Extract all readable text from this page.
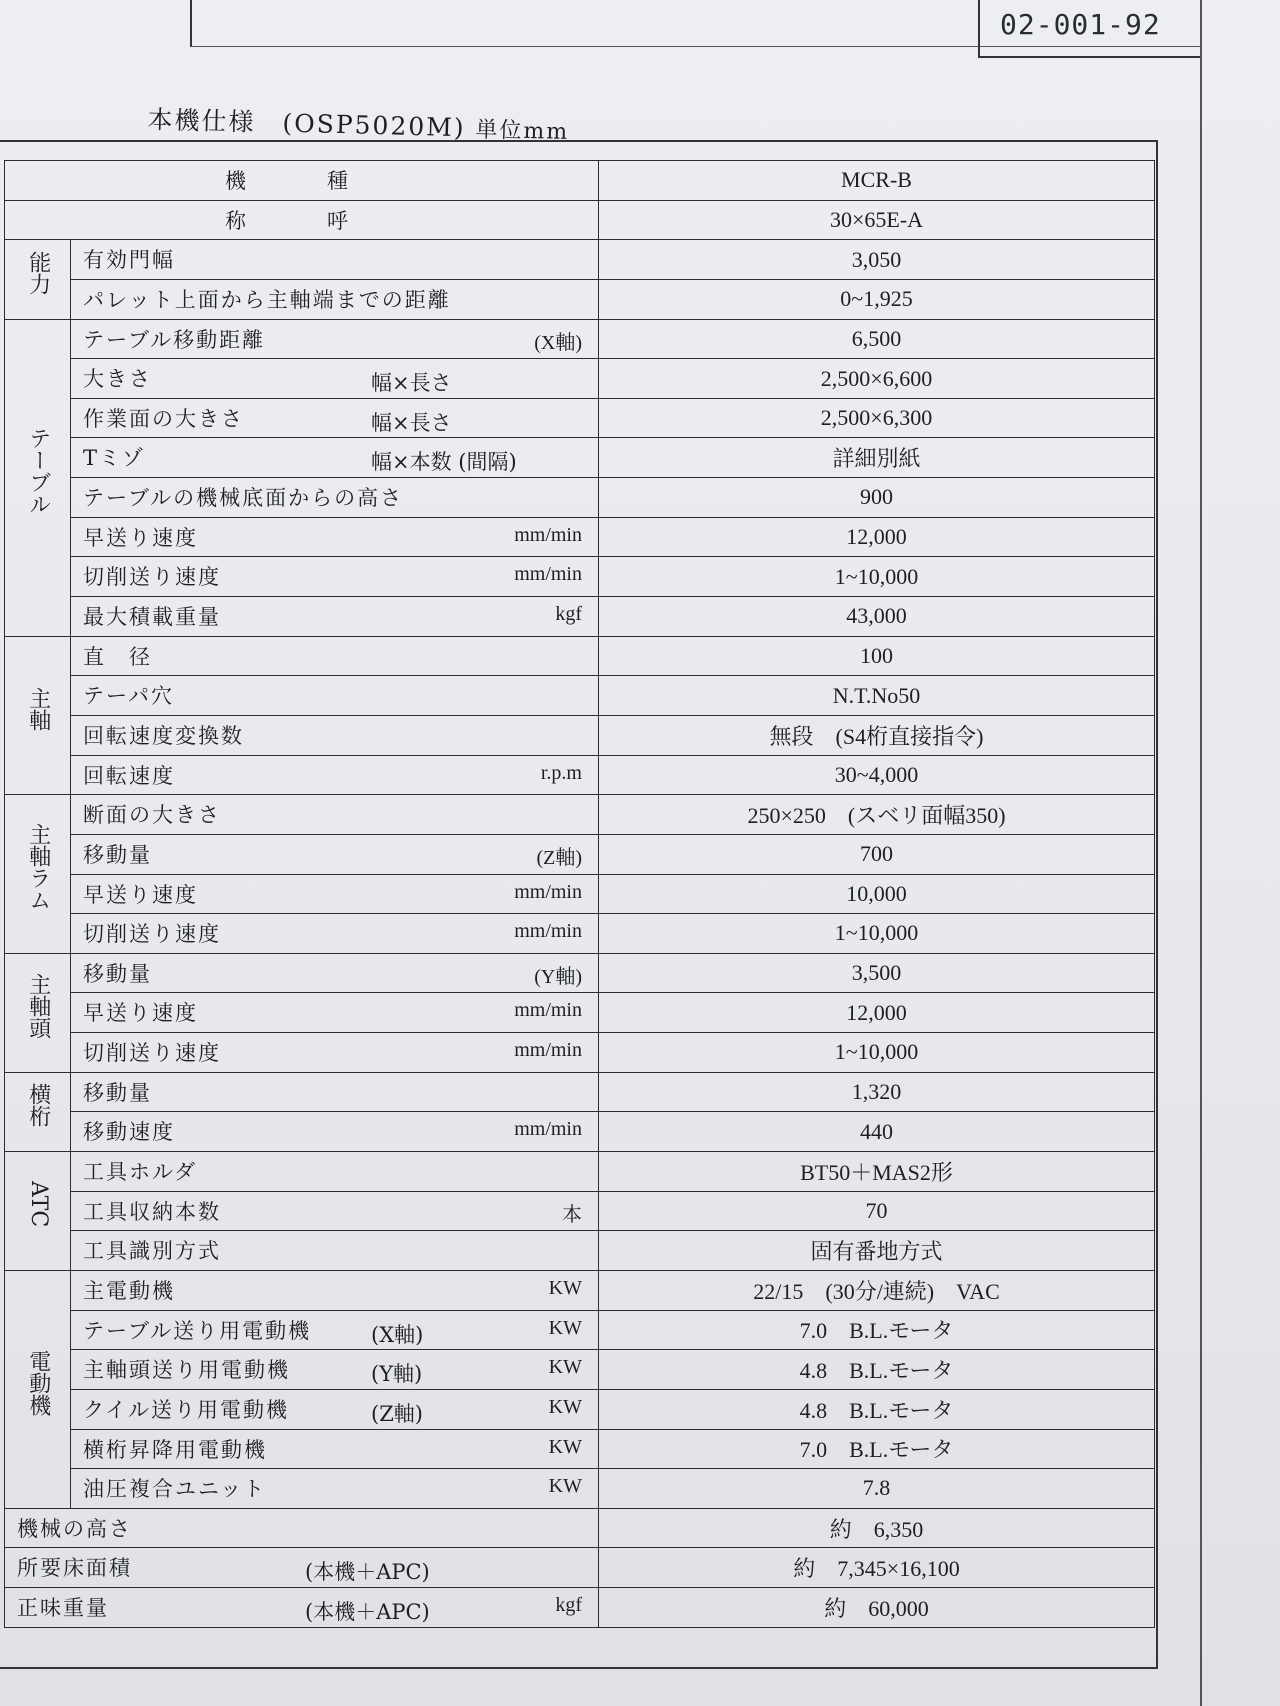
02-001-92
本機仕様　(OSP5020M) 単位mm
機　種		MCR-B
称　呼		30×65E-A
能力	有効門幅	3,050

	パレット上面から主軸端までの距離	0~1,925
テーブル	テーブル移動距離 (X軸)	6,500

	大きさ 幅×長さ	2,500×6,600

	作業面の大きさ 幅×長さ	2,500×6,300

	Tミゾ 幅×本数 (間隔)	詳細別紙

	テーブルの機械底面からの高さ	900

	早送り速度 mm/min	12,000

	切削送り速度 mm/min	1~10,000

	最大積載重量 kgf	43,000
主軸	直　径	100

	テーパ穴	N.T.No50

	回転速度変換数	無段　(S4桁直接指令)

	回転速度 r.p.m	30~4,000
主軸ラム	断面の大きさ	250×250　(スベリ面幅350)

	移動量 (Z軸)	700

	早送り速度 mm/min	10,000

	切削送り速度 mm/min	1~10,000
主軸頭	移動量 (Y軸)	3,500

	早送り速度 mm/min	12,000

	切削送り速度 mm/min	1~10,000
横桁	移動量	1,320

	移動速度 mm/min	440
ATC	工具ホルダ	BT50＋MAS2形

	工具収納本数 本	70

	工具識別方式	固有番地方式
電動機	主電動機 KW	22/15　(30分/連続)　VAC

	テーブル送り用電動機 (X軸) KW	7.0　B.L.モータ

	主軸頭送り用電動機 (Y軸) KW	4.8　B.L.モータ

	クイル送り用電動機 (Z軸) KW	4.8　B.L.モータ

	横桁昇降用電動機 KW	7.0　B.L.モータ

	油圧複合ユニット KW	7.8

機械の高さ		約　6,350

所要床面積 (本機＋APC)		約　7,345×16,100

正味重量 (本機＋APC) kgf		約　60,000
